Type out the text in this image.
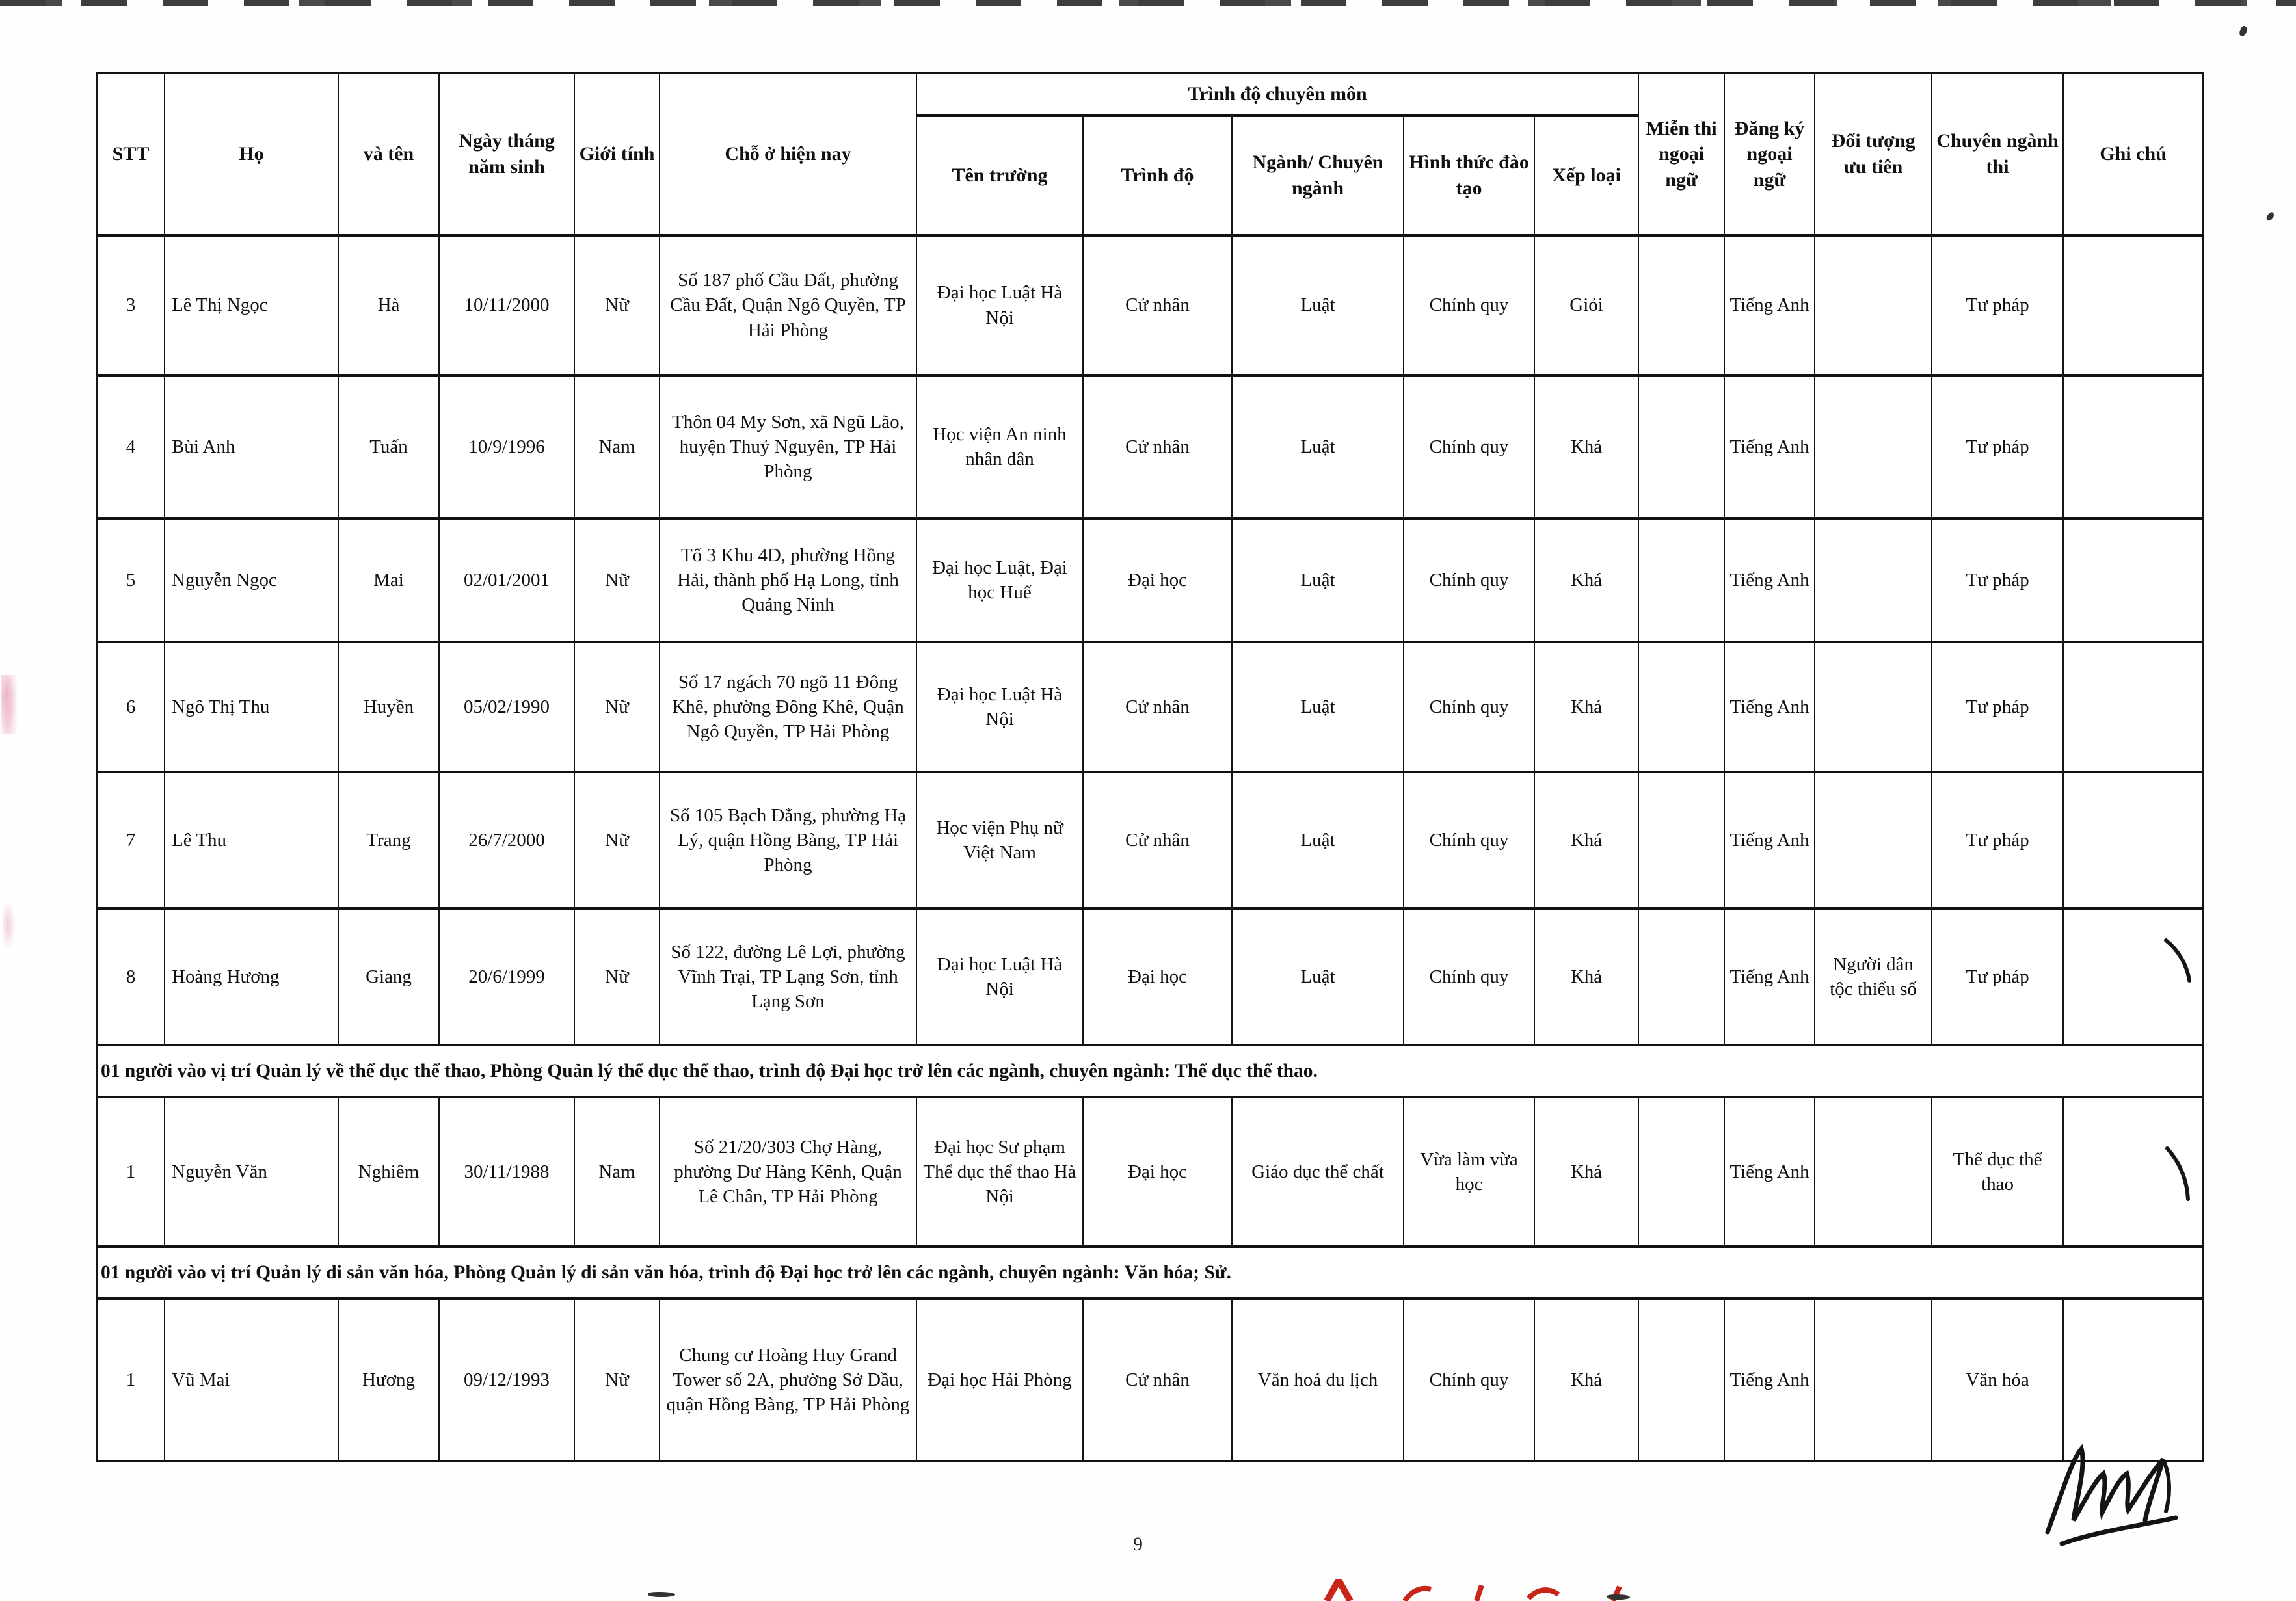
STT	Họ	và tên	Ngày tháng năm sinh	Giới tính	Chỗ ở hiện nay	Trình độ chuyên môn					Miễn thi ngoại ngữ	Đăng ký ngoại ngữ	Đối tượng ưu tiên	Chuyên ngành thi	Ghi chú
						Tên trường	Trình độ	Ngành/ Chuyên ngành	Hình thức đào tạo	Xếp loại					
3	Lê Thị Ngọc	Hà	10/11/2000	Nữ	Số 187 phố Cầu Đất, phường Cầu Đất, Quận Ngô Quyền, TP Hải Phòng	Đại học Luật Hà Nội	Cử nhân	Luật	Chính quy	Giỏi		Tiếng Anh		Tư pháp	
4	Bùi Anh	Tuấn	10/9/1996	Nam	Thôn 04 My Sơn, xã Ngũ Lão, huyện Thuỷ Nguyên, TP Hải Phòng	Học viện An ninh nhân dân	Cử nhân	Luật	Chính quy	Khá		Tiếng Anh		Tư pháp	
5	Nguyễn Ngọc	Mai	02/01/2001	Nữ	Tổ 3 Khu 4D, phường Hồng Hải, thành phố Hạ Long, tỉnh Quảng Ninh	Đại học Luật, Đại học Huế	Đại học	Luật	Chính quy	Khá		Tiếng Anh		Tư pháp	
6	Ngô Thị Thu	Huyền	05/02/1990	Nữ	Số 17 ngách 70 ngõ 11 Đông Khê, phường Đông Khê, Quận Ngô Quyền, TP Hải Phòng	Đại học Luật Hà Nội	Cử nhân	Luật	Chính quy	Khá		Tiếng Anh		Tư pháp	
7	Lê Thu	Trang	26/7/2000	Nữ	Số 105 Bạch Đằng, phường Hạ Lý, quận Hồng Bàng, TP Hải Phòng	Học viện Phụ nữ Việt Nam	Cử nhân	Luật	Chính quy	Khá		Tiếng Anh		Tư pháp	
8	Hoàng Hương	Giang	20/6/1999	Nữ	Số 122, đường Lê Lợi, phường Vĩnh Trại, TP Lạng Sơn, tỉnh Lạng Sơn	Đại học Luật Hà Nội	Đại học	Luật	Chính quy	Khá		Tiếng Anh	Người dân tộc thiểu số	Tư pháp	
01 người vào vị trí Quản lý về thể dục thể thao, Phòng Quản lý thể dục thể thao, trình độ Đại học trở lên các ngành, chuyên ngành: Thể dục thể thao.															
1	Nguyễn Văn	Nghiêm	30/11/1988	Nam	Số 21/20/303 Chợ Hàng, phường Dư Hàng Kênh, Quận Lê Chân, TP Hải Phòng	Đại học Sư phạm Thể dục thể thao Hà Nội	Đại học	Giáo dục thể chất	Vừa làm vừa học	Khá		Tiếng Anh		Thể dục thể thao	
01 người vào vị trí Quản lý di sản văn hóa, Phòng Quản lý di sản văn hóa, trình độ Đại học trở lên các ngành, chuyên ngành: Văn hóa; Sử.															
1	Vũ Mai	Hương	09/12/1993	Nữ	Chung cư Hoàng Huy Grand Tower số 2A, phường Sở Dầu, quận Hồng Bàng, TP Hải Phòng	Đại học Hải Phòng	Cử nhân	Văn hoá du lịch	Chính quy	Khá		Tiếng Anh		Văn hóa	
9
